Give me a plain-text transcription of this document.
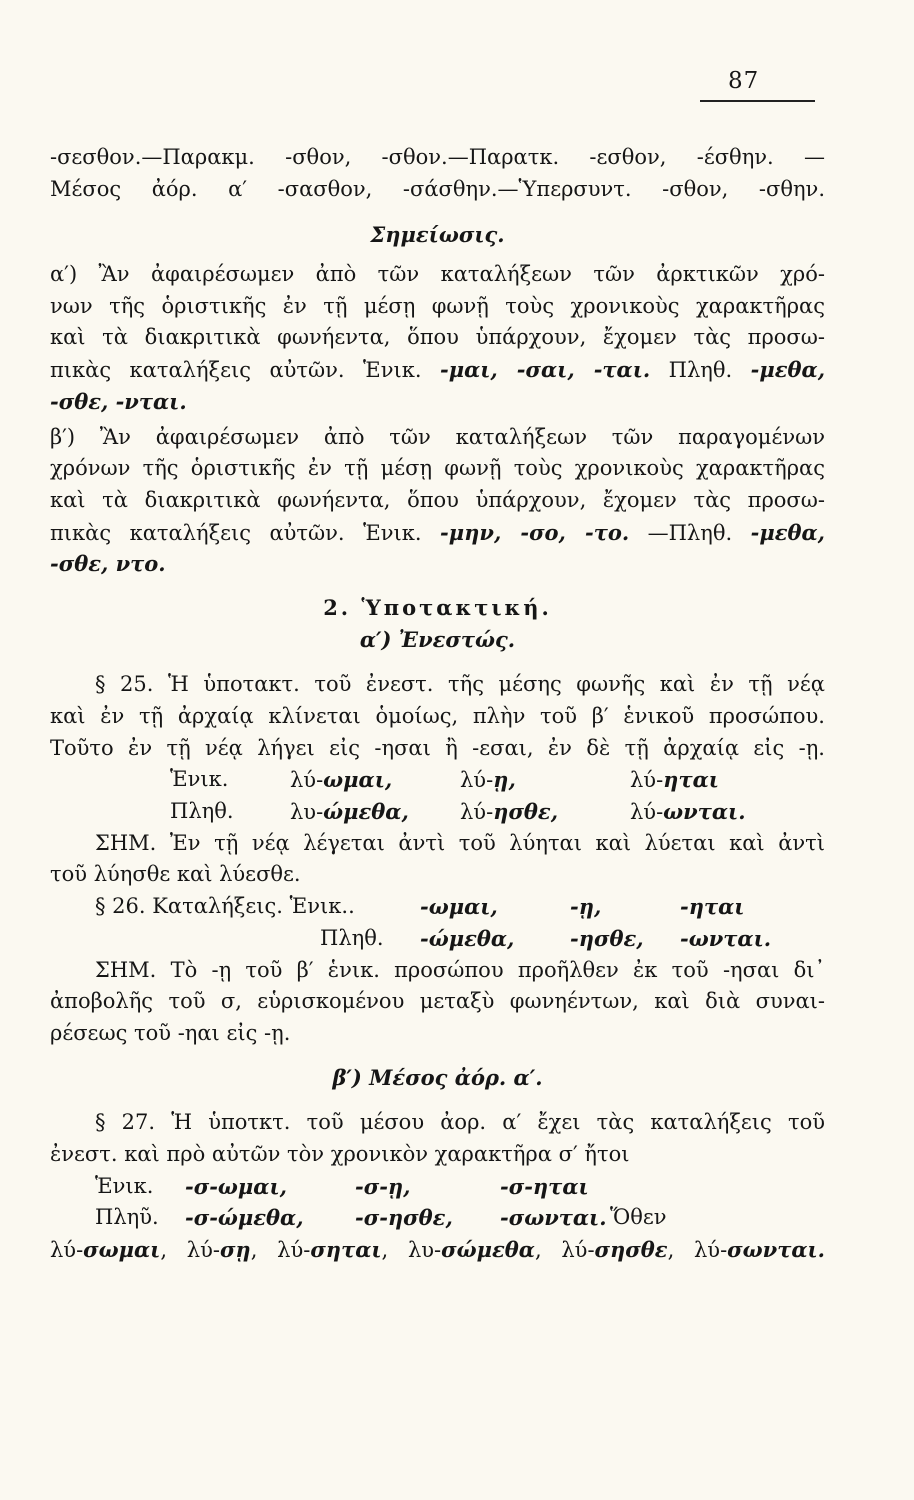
87
-σεσθον.—Παρακμ. -σθον, -σθον.—Παρατκ. -εσθον, -έσθην. —
Μέσος ἀόρ. α′ -σασθον, -σάσθην.—Ὑπερσυντ. -σθον, -σθην.
Σημείωσις.
α′) Ἂν ἀφαιρέσωμεν ἀπὸ τῶν καταλήξεων τῶν ἀρκτικῶν χρό-
νων τῆς ὁριστικῆς ἐν τῇ μέσῃ φωνῇ τοὺς χρονικοὺς χαρακτῆρας
καὶ τὰ διακριτικὰ φωνήεντα, ὅπου ὑπάρχουν, ἔχομεν τὰς προσω-
πικὰς καταλήξεις αὐτῶν. Ἑνικ. -μαι, -σαι, -ται. Πληθ. -μεθα,
-σθε, -νται.
β′) Ἂν ἀφαιρέσωμεν ἀπὸ τῶν καταλήξεων τῶν παραγομένων
χρόνων τῆς ὁριστικῆς ἐν τῇ μέσῃ φωνῇ τοὺς χρονικοὺς χαρακτῆρας
καὶ τὰ διακριτικὰ φωνήεντα, ὅπου ὑπάρχουν, ἔχομεν τὰς προσω-
πικὰς καταλήξεις αὐτῶν. Ἑνικ. -μην, -σο, -το. —Πληθ. -μεθα,
-σθε, ντο.
2. Ὑποτακτική.
α′) Ἐνεστώς.
§ 25. Ἡ ὑποτακτ. τοῦ ἐνεστ. τῆς μέσης φωνῆς καὶ ἐν τῇ νέᾳ
καὶ ἐν τῇ ἀρχαίᾳ κλίνεται ὁμοίως, πλὴν τοῦ β′ ἑνικοῦ προσώπου.
Τοῦτο ἐν τῇ νέᾳ λήγει εἰς -ησαι ἢ -εσαι, ἐν δὲ τῇ ἀρχαίᾳ εἰς -ῃ.
Ἑνικ.	λύ-ωμαι,	λύ-ῃ,	λύ-ηται
Πληθ.	λυ-ώμεθα,	λύ-ησθε,	λύ-ωνται.
ΣΗΜ. Ἐν τῇ νέᾳ λέγεται ἀντὶ τοῦ λύηται καὶ λύεται καὶ ἀντὶ
τοῦ λύησθε καὶ λύεσθε.
§ 26. Καταλήξεις. Ἑνικ..	-ωμαι,	-ῃ,	-ηται
Πληθ.	-ώμεθα,	-ησθε,	-ωνται.
ΣΗΜ. Τὸ -ῃ τοῦ β′ ἑνικ. προσώπου προῆλθεν ἐκ τοῦ -ησαι δι᾿
ἀποβολῆς τοῦ σ, εὑρισκομένου μεταξὺ φωνηέντων, καὶ διὰ συναι-
ρέσεως τοῦ -ηαι εἰς -ῃ.
β′) Μέσος ἀόρ. α′.
§ 27. Ἡ ὑποτκτ. τοῦ μέσου ἀορ. α′ ἔχει τὰς καταλήξεις τοῦ
ἐνεστ. καὶ πρὸ αὐτῶν τὸν χρονικὸν χαρακτῆρα σ′ ἤτοι
Ἑνικ.	-σ-ωμαι,	-σ-ῃ,	-σ-ηται
Πληῦ.	-σ-ώμεθα,	-σ-ησθε,	-σωνται. Ὅθεν
λύ-σωμαι, λύ-σῃ, λύ-σηται, λυ-σώμεθα, λύ-σησθε, λύ-σωνται.
